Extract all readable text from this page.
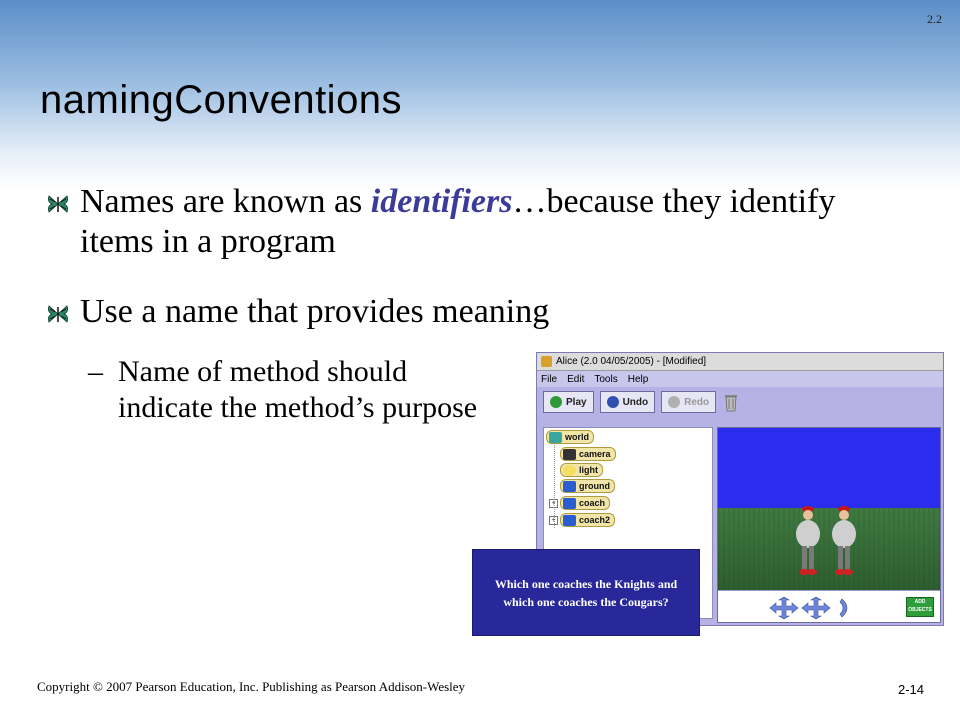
2.2
namingConventions
Names are known as identifiers…because they identify items in a program
Use a name that provides meaning
– Name of method should indicate the method’s purpose
Alice (2.0 04/05/2005) - [Modified]
File Edit Tools Help
Play	Undo	Redo
world
camera
light
ground
+	coach
+	coach2
ADD OBJECTS
Which one coaches the Knights and which one coaches the Cougars?
Copyright © 2007 Pearson Education, Inc. Publishing as Pearson Addison-Wesley	2-14
